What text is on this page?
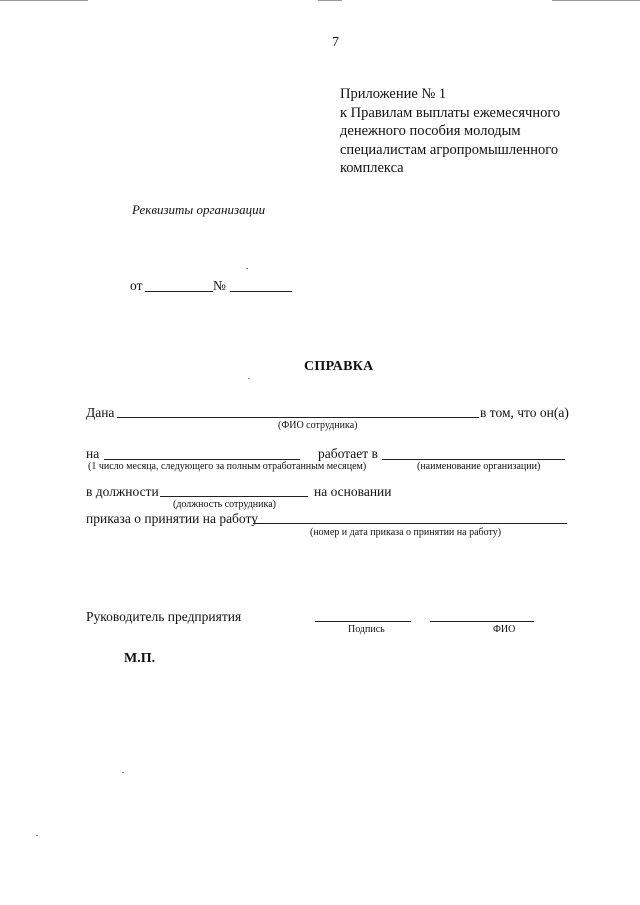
7
Приложение № 1
к Правилам выплаты ежемесячного
денежного пособия молодым
специалистам агропромышленного
комплекса
Реквизиты организации
от	№
СПРАВКА
Дана	в том, что он(а)
(ФИО сотрудника)
на	работает в
(1 число месяца, следующего за полным отработанным месяцем)	(наименование организации)
в должности	на основании
(должность сотрудника)
приказа о принятии на работу
(номер и дата приказа о принятии на работу)
Руководитель предприятия
Подпись	ФИО
М.П.
